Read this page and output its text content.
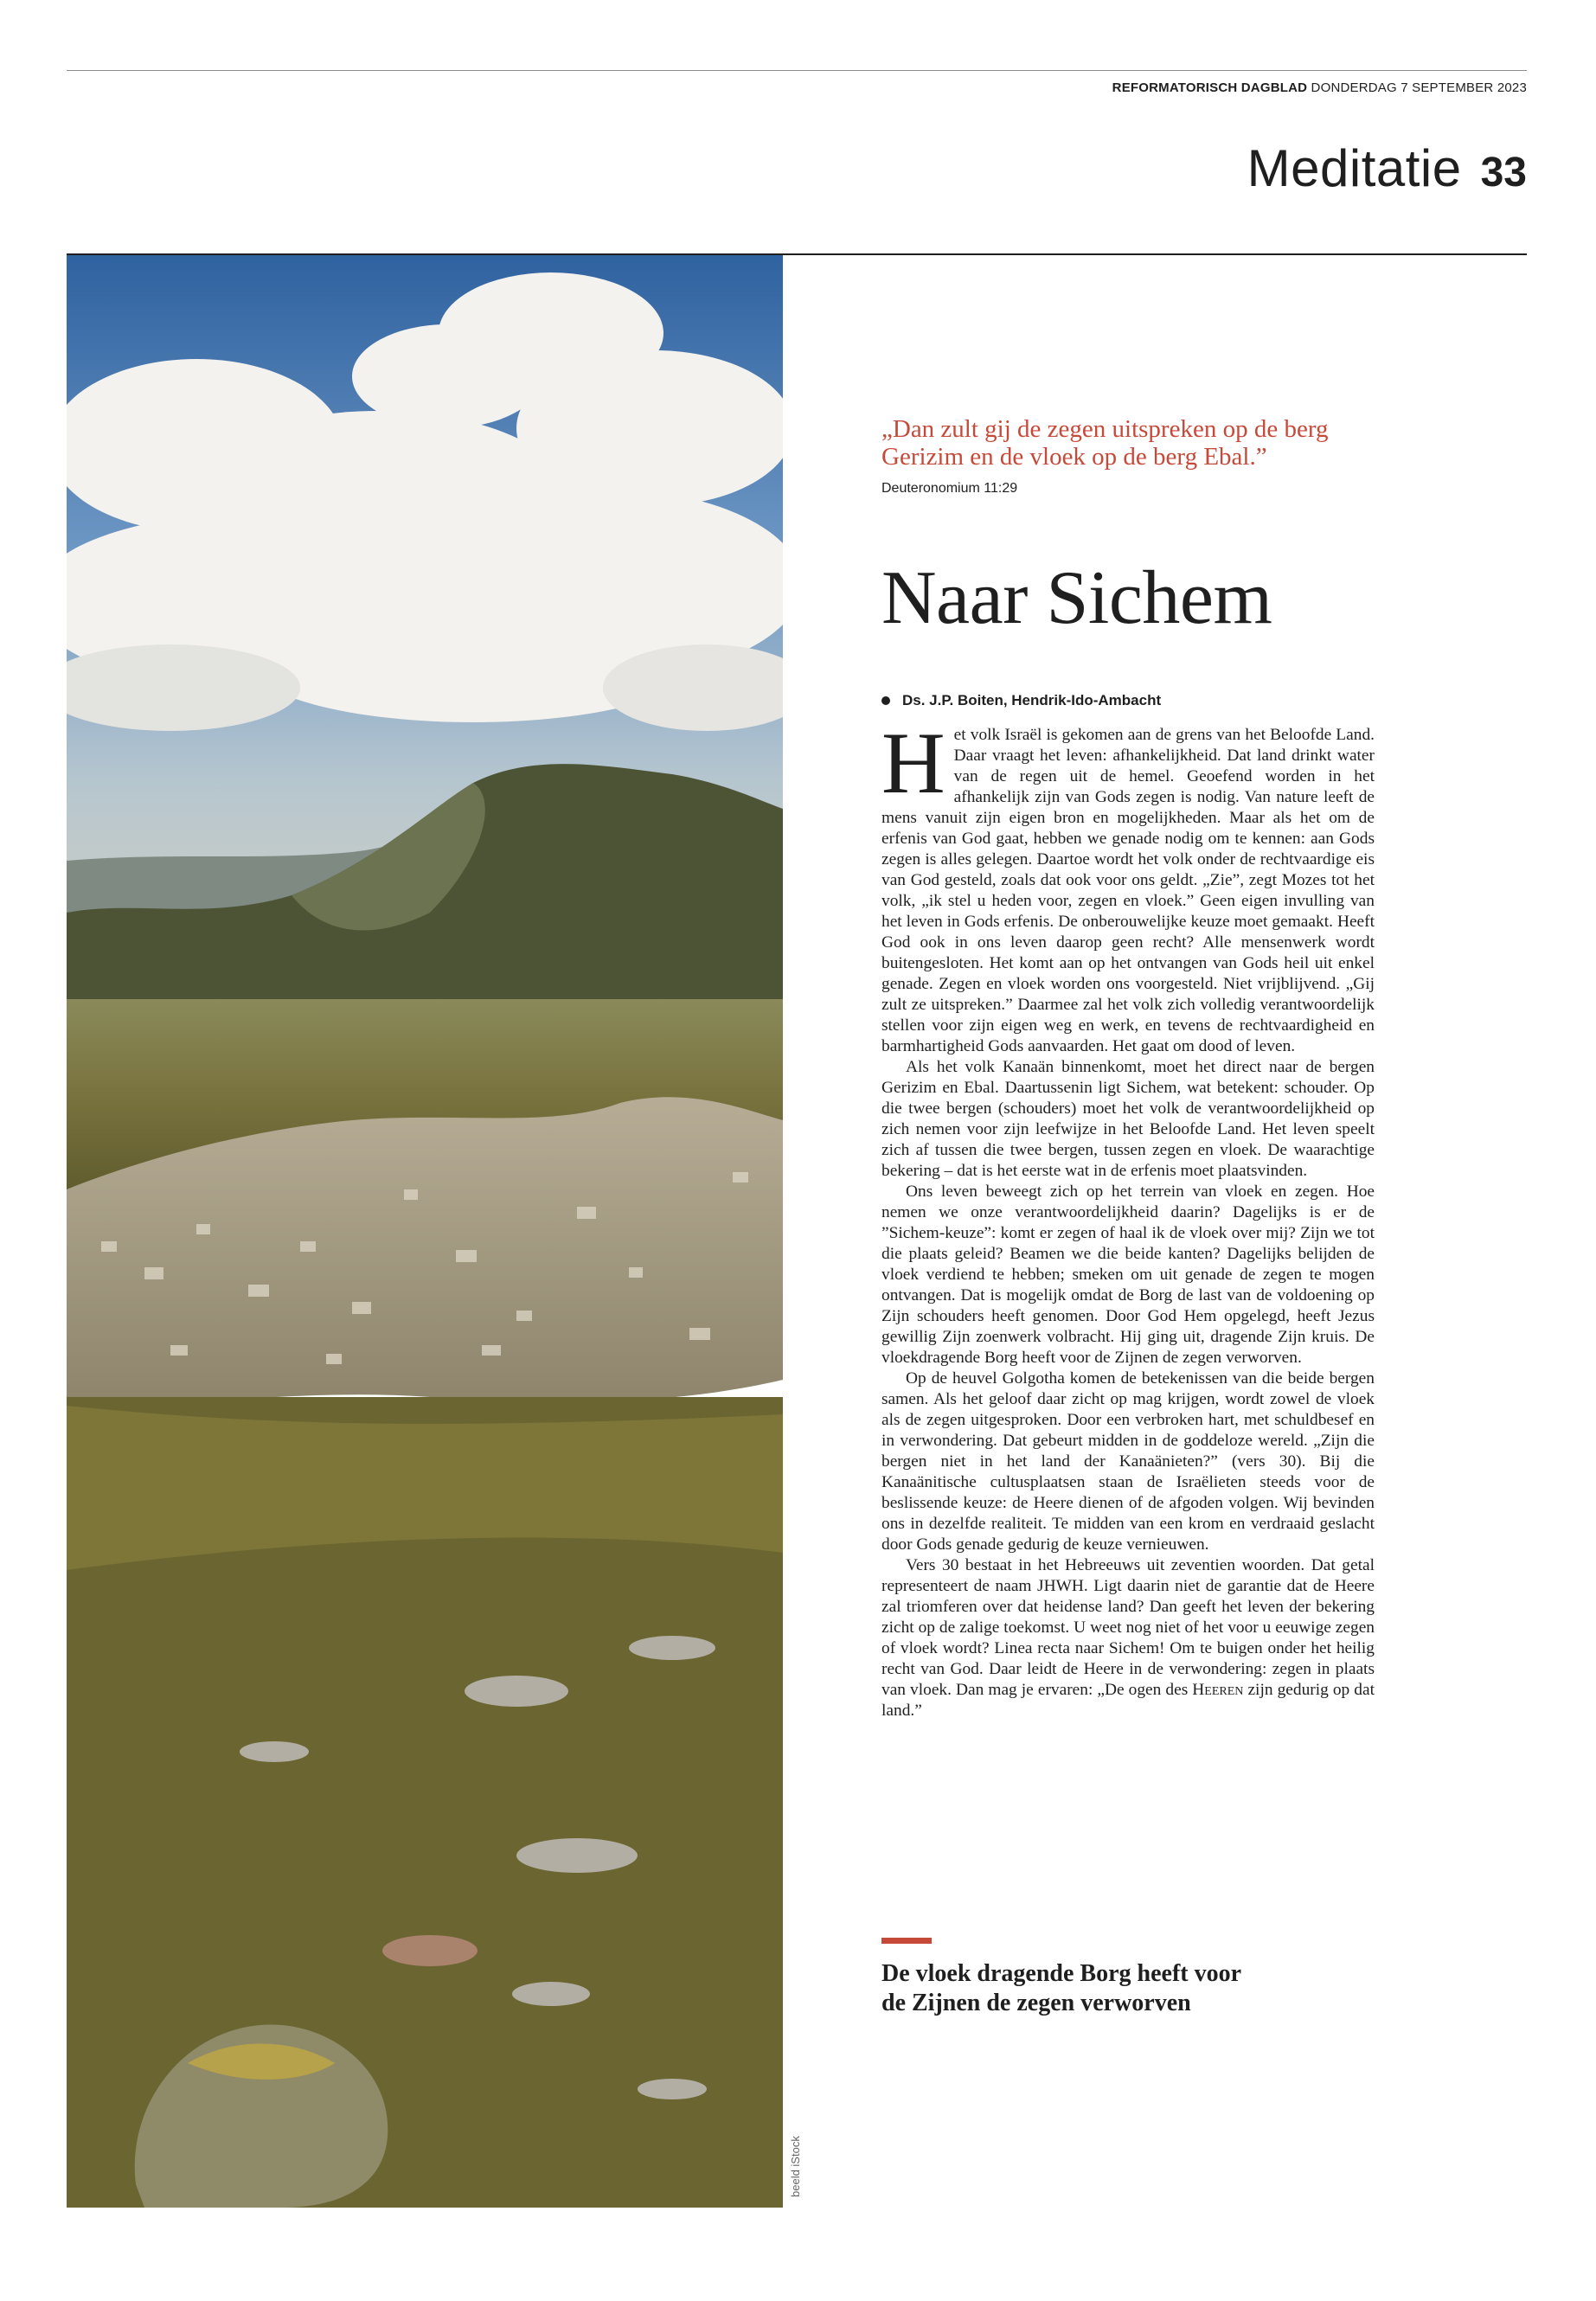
REFORMATORISCH DAGBLAD DONDERDAG 7 SEPTEMBER 2023
Meditatie 33
beeld iStock

„Dan zult gij de zegen uitspreken op de berg Gerizim en de vloek op de berg Ebal.”

Deuteronomium 11:29
Naar Sichem
Ds. J.P. Boiten, Hendrik-Ido-Ambacht

Het volk Israël is gekomen aan de grens van het Beloofde Land. Daar vraagt het leven: afhankelijkheid. Dat land drinkt water van de regen uit de hemel. Geoefend worden in het afhankelijk zijn van Gods zegen is nodig. Van nature leeft de mens vanuit zijn eigen bron en mogelijkheden. Maar als het om de erfenis van God gaat, hebben we genade nodig om te kennen: aan Gods zegen is alles gelegen. Daartoe wordt het volk onder de rechtvaardige eis van God gesteld, zoals dat ook voor ons geldt. „Zie”, zegt Mozes tot het volk, „ik stel u heden voor, zegen en vloek.” Geen eigen invulling van het leven in Gods erfenis. De onberouwelijke keuze moet gemaakt. Heeft God ook in ons leven daarop geen recht? Alle mensenwerk wordt buitengesloten. Het komt aan op het ontvangen van Gods heil uit enkel genade. Zegen en vloek worden ons voorgesteld. Niet vrijblijvend. „Gij zult ze uitspreken.” Daarmee zal het volk zich volledig verantwoordelijk stellen voor zijn eigen weg en werk, en tevens de rechtvaardigheid en barmhartigheid Gods aanvaarden. Het gaat om dood of leven.

Als het volk Kanaän binnenkomt, moet het direct naar de bergen Gerizim en Ebal. Daartussenin ligt Sichem, wat betekent: schouder. Op die twee bergen (schouders) moet het volk de verantwoordelijkheid op zich nemen voor zijn leefwijze in het Beloofde Land. Het leven speelt zich af tussen die twee bergen, tussen zegen en vloek. De waarachtige bekering – dat is het eerste wat in de erfenis moet plaatsvinden.

Ons leven beweegt zich op het terrein van vloek en zegen. Hoe nemen we onze verantwoordelijkheid daarin? Dagelijks is er de ”Sichem-keuze”: komt er zegen of haal ik de vloek over mij? Zijn we tot die plaats geleid? Beamen we die beide kanten? Dagelijks belijden de vloek verdiend te hebben; smeken om uit genade de zegen te mogen ontvangen. Dat is mogelijk omdat de Borg de last van de voldoening op Zijn schouders heeft genomen. Door God Hem opgelegd, heeft Jezus gewillig Zijn zoenwerk volbracht. Hij ging uit, dragende Zijn kruis. De vloekdragende Borg heeft voor de Zijnen de zegen verworven.

Op de heuvel Golgotha komen de betekenissen van die beide bergen samen. Als het geloof daar zicht op mag krijgen, wordt zowel de vloek als de zegen uitgesproken. Door een verbroken hart, met schuldbesef en in verwondering. Dat gebeurt midden in de goddeloze wereld. „Zijn die bergen niet in het land der Kanaänieten?” (vers 30). Bij die Kanaänitische cultusplaatsen staan de Israëlieten steeds voor de beslissende keuze: de Heere dienen of de afgoden volgen. Wij bevinden ons in dezelfde realiteit. Te midden van een krom en verdraaid geslacht door Gods genade gedurig de keuze vernieuwen.

Vers 30 bestaat in het Hebreeuws uit zeventien woorden. Dat getal representeert de naam JHWH. Ligt daarin niet de garantie dat de Heere zal triomferen over dat heidense land? Dan geeft het leven der bekering zicht op de zalige toekomst. U weet nog niet of het voor u eeuwige zegen of vloek wordt? Linea recta naar Sichem! Om te buigen onder het heilig recht van God. Daar leidt de Heere in de verwondering: zegen in plaats van vloek. Dan mag je ervaren: „De ogen des Heeren zijn gedurig op dat land.”

De vloek dragende Borg heeft voor de Zijnen de zegen verworven
